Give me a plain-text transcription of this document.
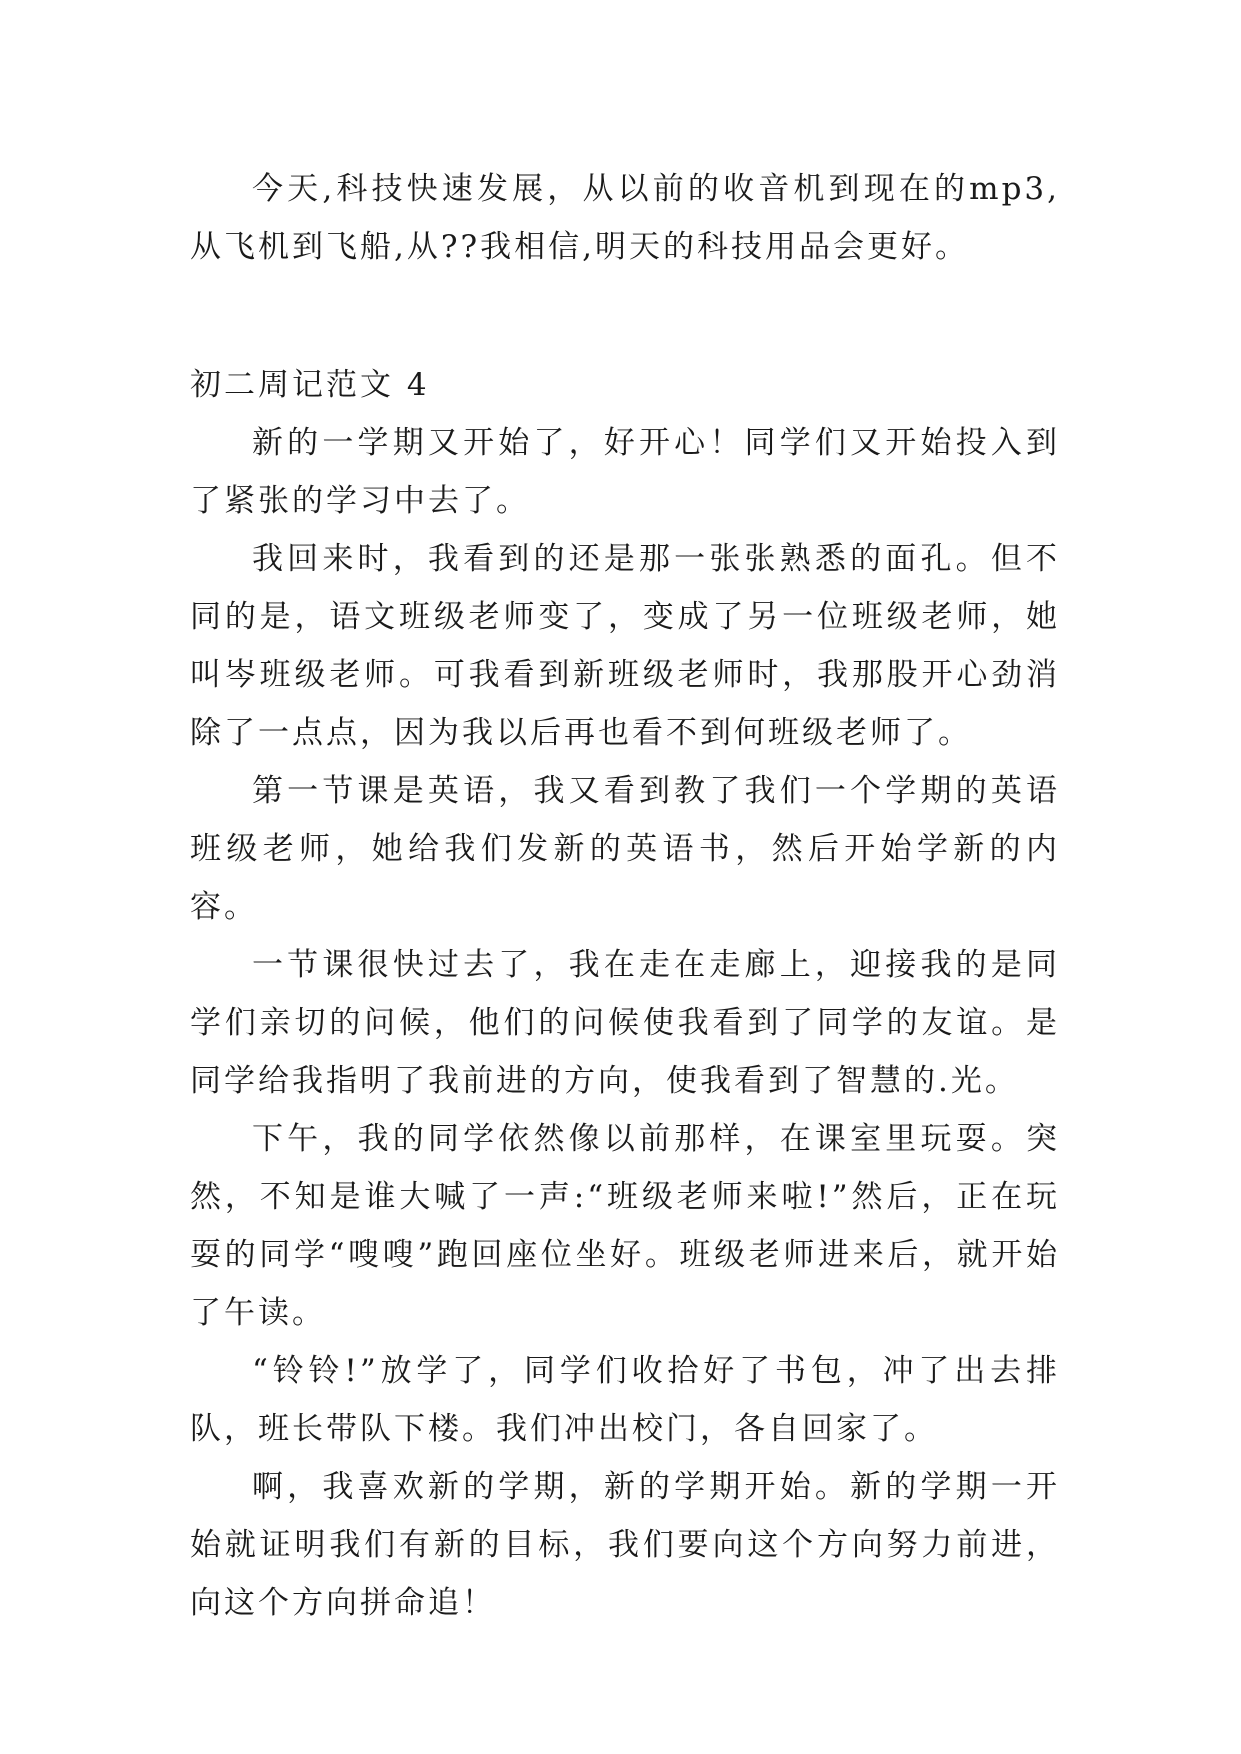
今天,科技快速发展，从以前的收音机到现在的mp3,从飞机到飞船,从??我相信,明天的科技用品会更好。

初二周记范文 4

新的一学期又开始了，好开心！同学们又开始投入到了紧张的学习中去了。

我回来时，我看到的还是那一张张熟悉的面孔。但不同的是，语文班级老师变了，变成了另一位班级老师，她叫岑班级老师。可我看到新班级老师时，我那股开心劲消除了一点点，因为我以后再也看不到何班级老师了。

第一节课是英语，我又看到教了我们一个学期的英语班级老师，她给我们发新的英语书，然后开始学新的内容。

一节课很快过去了，我在走在走廊上，迎接我的是同学们亲切的问候，他们的问候使我看到了同学的友谊。是同学给我指明了我前进的方向，使我看到了智慧的.光。

下午，我的同学依然像以前那样，在课室里玩耍。突然，不知是谁大喊了一声:“班级老师来啦!”然后，正在玩耍的同学“嗖嗖”跑回座位坐好。班级老师进来后，就开始了午读。

“铃铃!”放学了，同学们收拾好了书包，冲了出去排队，班长带队下楼。我们冲出校门，各自回家了。

啊，我喜欢新的学期，新的学期开始。新的学期一开始就证明我们有新的目标，我们要向这个方向努力前进，向这个方向拼命追！
